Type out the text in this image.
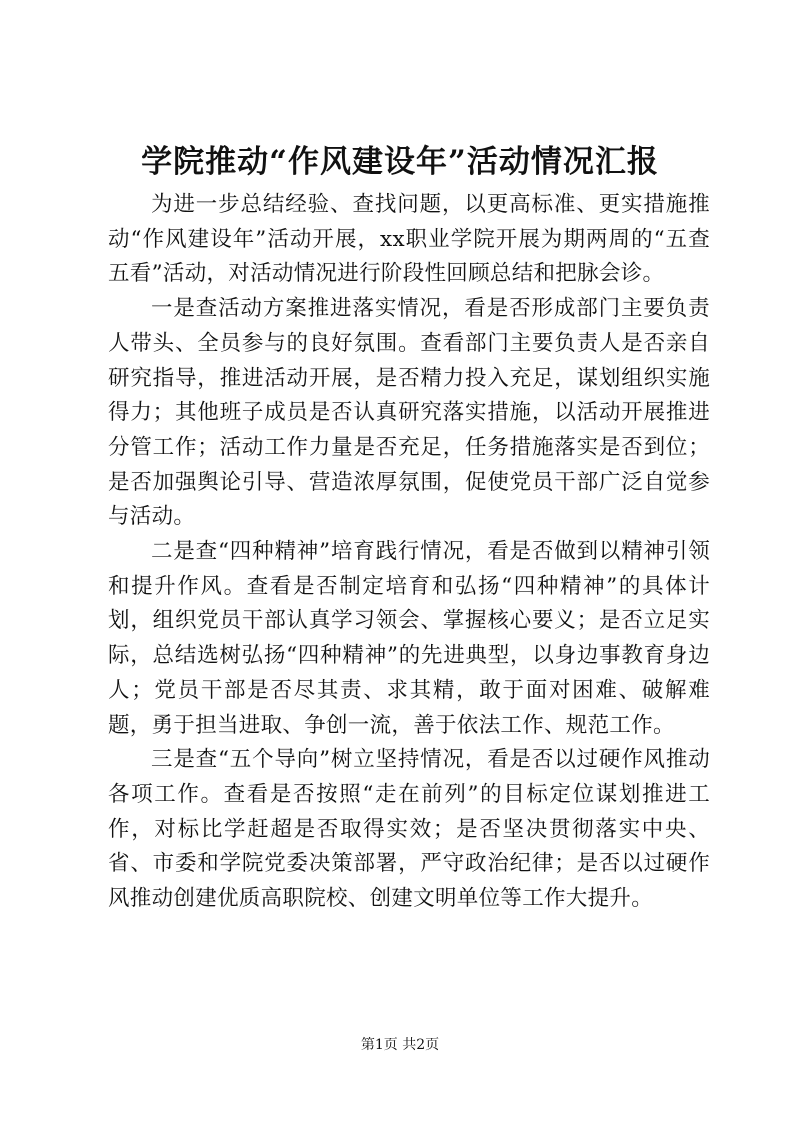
学院推动“作风建设年”活动情况汇报

为进一步总结经验、查找问题，以更高标准、更实措施推动“作风建设年”活动开展，xx职业学院开展为期两周的“五查五看”活动，对活动情况进行阶段性回顾总结和把脉会诊。

一是查活动方案推进落实情况，看是否形成部门主要负责人带头、全员参与的良好氛围。查看部门主要负责人是否亲自研究指导，推进活动开展，是否精力投入充足，谋划组织实施得力；其他班子成员是否认真研究落实措施，以活动开展推进分管工作；活动工作力量是否充足，任务措施落实是否到位；是否加强舆论引导、营造浓厚氛围，促使党员干部广泛自觉参与活动。

二是查“四种精神”培育践行情况，看是否做到以精神引领和提升作风。查看是否制定培育和弘扬“四种精神”的具体计划，组织党员干部认真学习领会、掌握核心要义；是否立足实际，总结选树弘扬“四种精神”的先进典型，以身边事教育身边人；党员干部是否尽其责、求其精，敢于面对困难、破解难题，勇于担当进取、争创一流，善于依法工作、规范工作。

三是查“五个导向”树立坚持情况，看是否以过硬作风推动各项工作。查看是否按照“走在前列”的目标定位谋划推进工作，对标比学赶超是否取得实效；是否坚决贯彻落实中央、省、市委和学院党委决策部署，严守政治纪律；是否以过硬作风推动创建优质高职院校、创建文明单位等工作大提升。

第1页 共2页
